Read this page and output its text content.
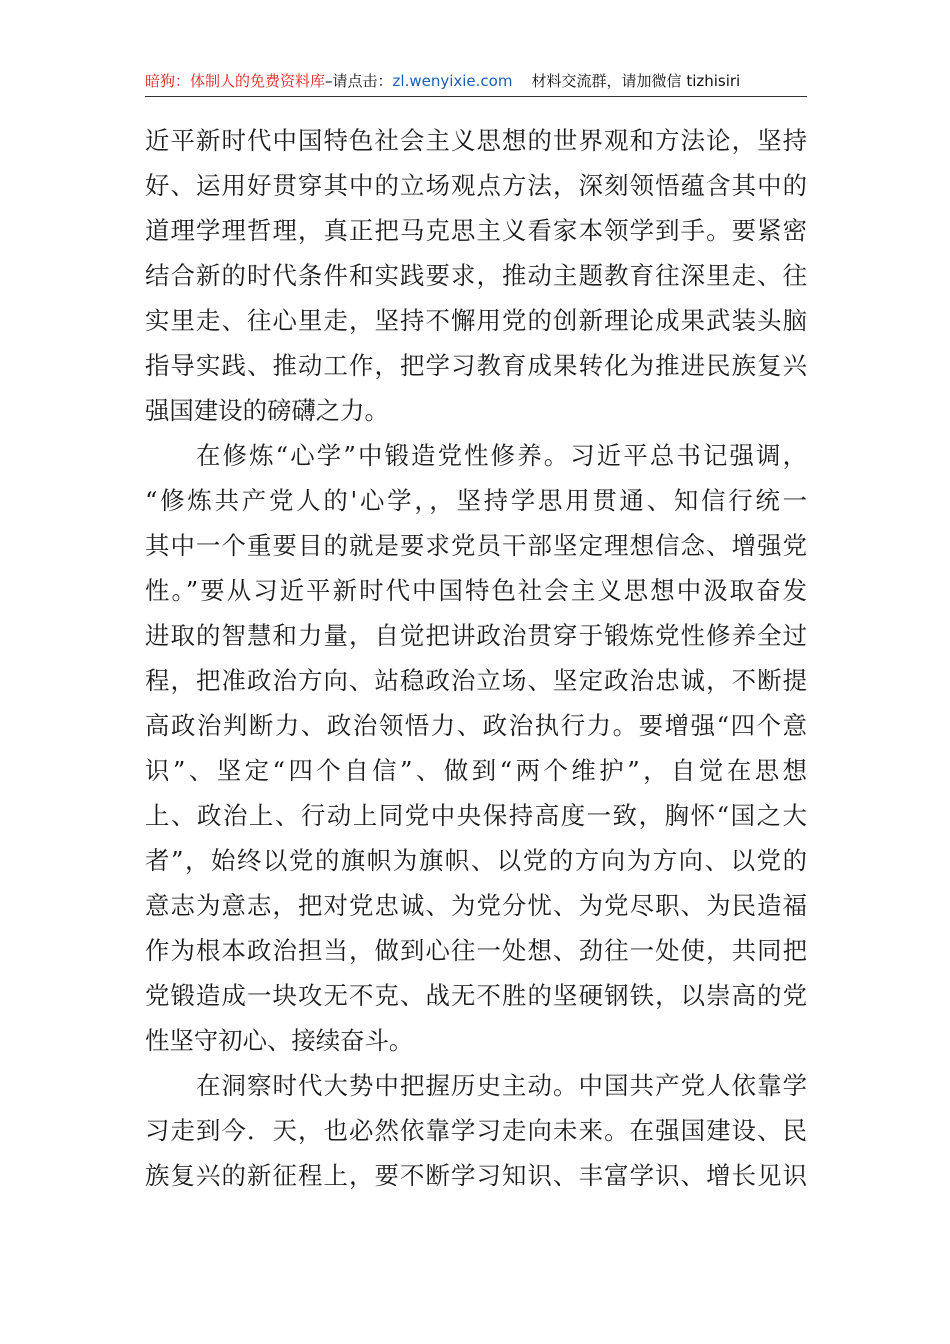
暗狗：体制人的免费资料库–请点击：zl.wenyixie.com 材料交流群，请加微信 tizhisiri

近平新时代中国特色社会主义思想的世界观和方法论，坚持
好、运用好贯穿其中的立场观点方法，深刻领悟蕴含其中的
道理学理哲理，真正把马克思主义看家本领学到手。要紧密
结合新的时代条件和实践要求，推动主题教育往深里走、往
实里走、往心里走，坚持不懈用党的创新理论成果武装头脑
指导实践、推动工作，把学习教育成果转化为推进民族复兴
强国建设的磅礴之力。

在修炼“心学”中锻造党性修养。习近平总书记强调，
“修炼共产党人的'心学，，坚持学思用贯通、知信行统一
其中一个重要目的就是要求党员干部坚定理想信念、增强党
性。”要从习近平新时代中国特色社会主义思想中汲取奋发
进取的智慧和力量，自觉把讲政治贯穿于锻炼党性修养全过
程，把准政治方向、站稳政治立场、坚定政治忠诚，不断提
高政治判断力、政治领悟力、政治执行力。要增强“四个意
识”、坚定“四个自信”、做到“两个维护”，自觉在思想
上、政治上、行动上同党中央保持高度一致，胸怀“国之大
者”，始终以党的旗帜为旗帜、以党的方向为方向、以党的
意志为意志，把对党忠诚、为党分忧、为党尽职、为民造福
作为根本政治担当，做到心往一处想、劲往一处使，共同把
党锻造成一块攻无不克、战无不胜的坚硬钢铁，以崇高的党
性坚守初心、接续奋斗。

在洞察时代大势中把握历史主动。中国共产党人依靠学
习走到今．天，也必然依靠学习走向未来。在强国建设、民
族复兴的新征程上，要不断学习知识、丰富学识、增长见识
